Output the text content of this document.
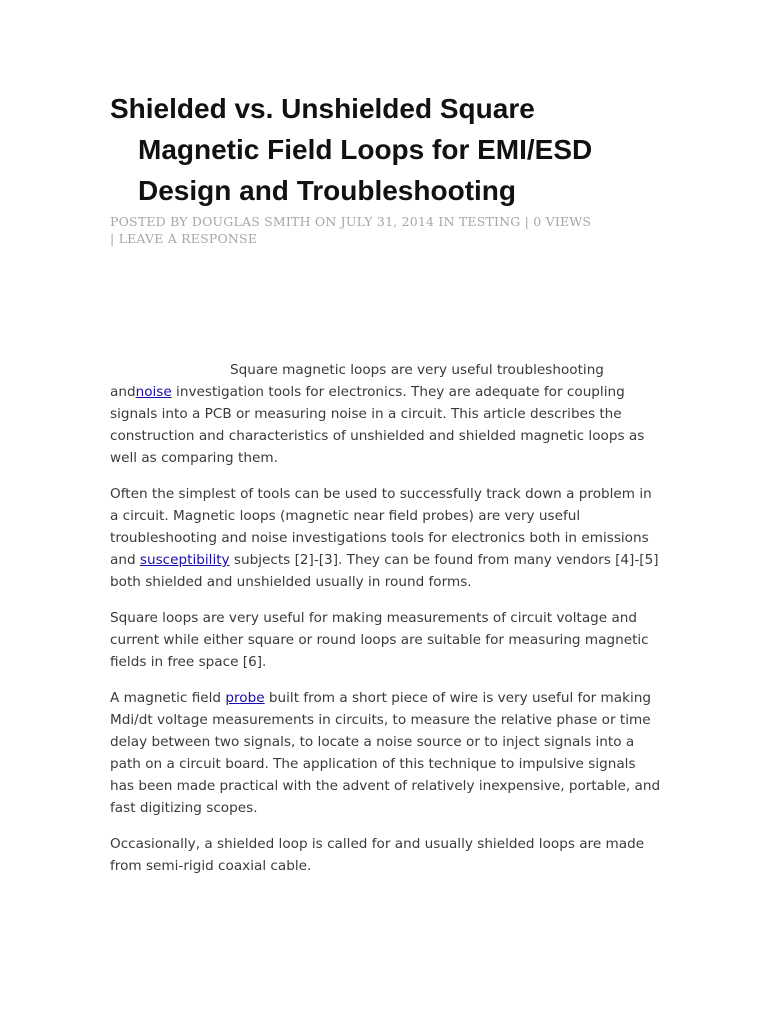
Shielded vs. Unshielded Square Magnetic Field Loops for EMI/ESD Design and Troubleshooting
POSTED BY DOUGLAS SMITH ON JULY 31, 2014 IN TESTING | 0 VIEWS
| LEAVE A RESPONSE

Square magnetic loops are very useful troubleshooting andnoise investigation tools for electronics. They are adequate for coupling signals into a PCB or measuring noise in a circuit. This article describes the construction and characteristics of unshielded and shielded magnetic loops as well as comparing them.

Often the simplest of tools can be used to successfully track down a problem in a circuit. Magnetic loops (magnetic near field probes) are very useful troubleshooting and noise investigations tools for electronics both in emissions and susceptibility subjects [2]-[3]. They can be found from many vendors [4]-[5] both shielded and unshielded usually in round forms.

Square loops are very useful for making measurements of circuit voltage and current while either square or round loops are suitable for measuring magnetic fields in free space [6].

A magnetic field probe built from a short piece of wire is very useful for making Mdi/dt voltage measurements in circuits, to measure the relative phase or time delay between two signals, to locate a noise source or to inject signals into a path on a circuit board. The application of this technique to impulsive signals has been made practical with the advent of relatively inexpensive, portable, and fast digitizing scopes.

Occasionally, a shielded loop is called for and usually shielded loops are made from semi-rigid coaxial cable.
